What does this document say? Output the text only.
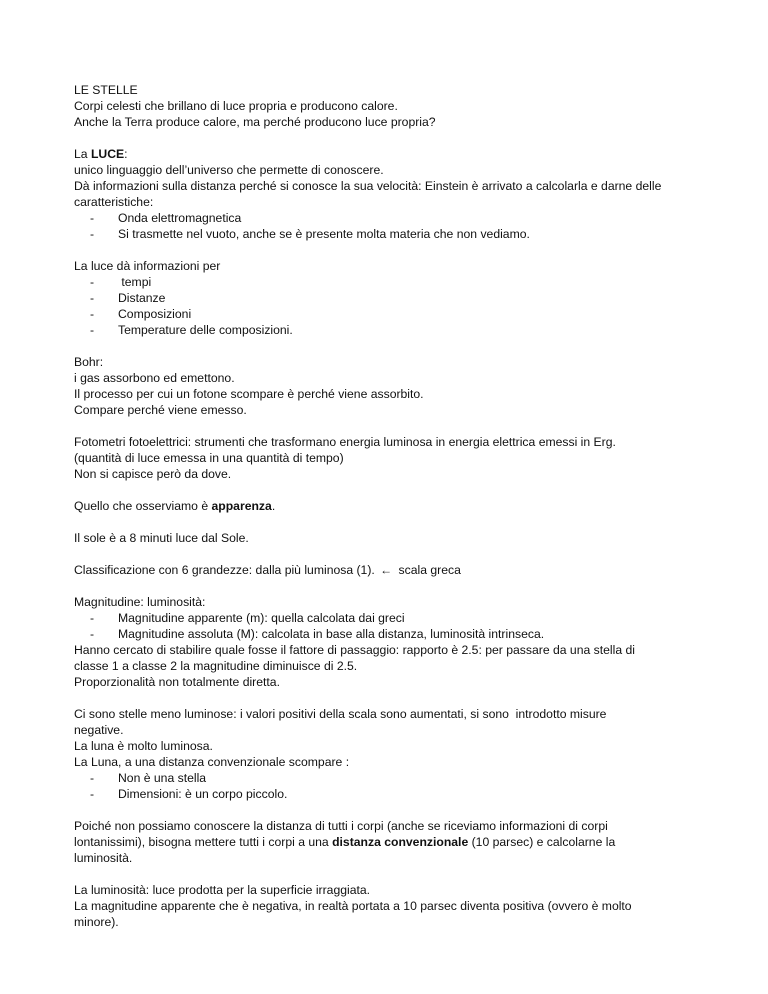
LE STELLE
Corpi celesti che brillano di luce propria e producono calore.
Anche la Terra produce calore, ma perché producono luce propria?
La LUCE:
unico linguaggio dell’universo che permette di conoscere.
Dà informazioni sulla distanza perché si conosce la sua velocità: Einstein è arrivato a calcolarla e darne delle
caratteristiche:
- Onda elettromagnetica
- Si trasmette nel vuoto, anche se è presente molta materia che non vediamo.
La luce dà informazioni per
- tempi
- Distanze
- Composizioni
- Temperature delle composizioni.
Bohr:
i gas assorbono ed emettono.
Il processo per cui un fotone scompare è perché viene assorbito.
Compare perché viene emesso.
Fotometri fotoelettrici: strumenti che trasformano energia luminosa in energia elettrica emessi in Erg.
(quantità di luce emessa in una quantità di tempo)
Non si capisce però da dove.
Quello che osserviamo è apparenza.
Il sole è a 8 minuti luce dal Sole.
Classificazione con 6 grandezze: dalla più luminosa (1). ← scala greca
Magnitudine: luminosità:
- Magnitudine apparente (m): quella calcolata dai greci
- Magnitudine assoluta (M): calcolata in base alla distanza, luminosità intrinseca.
Hanno cercato di stabilire quale fosse il fattore di passaggio: rapporto è 2.5: per passare da una stella di
classe 1 a classe 2 la magnitudine diminuisce di 2.5.
Proporzionalità non totalmente diretta.
Ci sono stelle meno luminose: i valori positivi della scala sono aumentati, si sono  introdotto misure
negative.
La luna è molto luminosa.
La Luna, a una distanza convenzionale scompare :
- Non è una stella
- Dimensioni: è un corpo piccolo.
Poiché non possiamo conoscere la distanza di tutti i corpi (anche se riceviamo informazioni di corpi
lontanissimi), bisogna mettere tutti i corpi a una distanza convenzionale (10 parsec) e calcolarne la
luminosità.
La luminosità: luce prodotta per la superficie irraggiata.
La magnitudine apparente che è negativa, in realtà portata a 10 parsec diventa positiva (ovvero è molto
minore).
